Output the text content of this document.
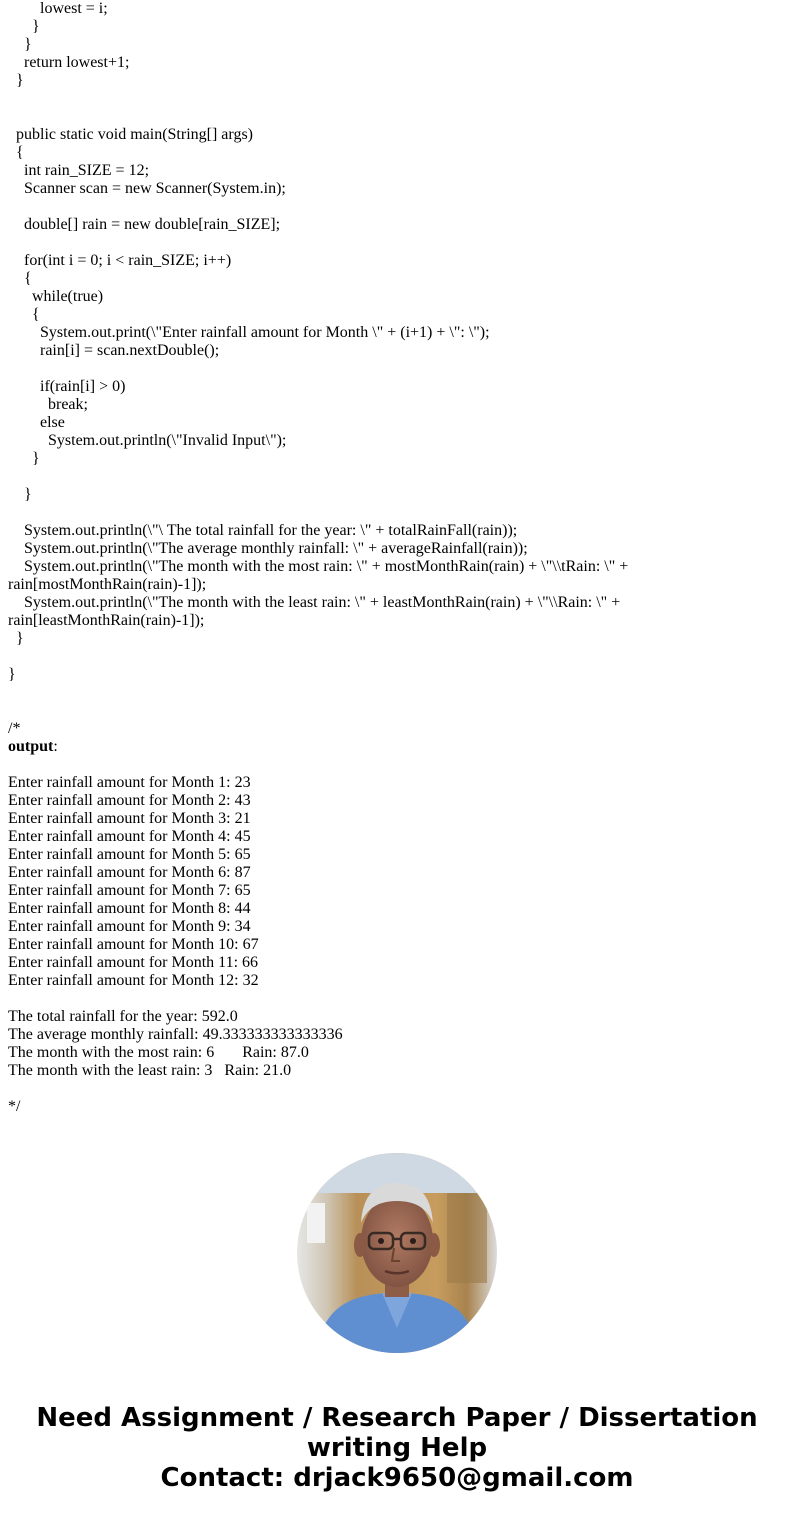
lowest = i;
}
}
return lowest+1;
}
public static void main(String[] args)
{
int rain_SIZE = 12;
Scanner scan = new Scanner(System.in);
double[] rain = new double[rain_SIZE];
for(int i = 0; i < rain_SIZE; i++)
{
while(true)
{
System.out.print(\"Enter rainfall amount for Month \" + (i+1) + \": \");
rain[i] = scan.nextDouble();
if(rain[i] > 0)
break;
else
System.out.println(\"Invalid Input\");
}
}
System.out.println(\"\ The total rainfall for the year: \" + totalRainFall(rain));
System.out.println(\"The average monthly rainfall: \" + averageRainfall(rain));
System.out.println(\"The month with the most rain: \" + mostMonthRain(rain) + \"\\tRain: \" +
rain[mostMonthRain(rain)-1]);
System.out.println(\"The month with the least rain: \" + leastMonthRain(rain) + \"\\Rain: \" +
rain[leastMonthRain(rain)-1]);
}
}
/*
output:
Enter rainfall amount for Month 1: 23
Enter rainfall amount for Month 2: 43
Enter rainfall amount for Month 3: 21
Enter rainfall amount for Month 4: 45
Enter rainfall amount for Month 5: 65
Enter rainfall amount for Month 6: 87
Enter rainfall amount for Month 7: 65
Enter rainfall amount for Month 8: 44
Enter rainfall amount for Month 9: 34
Enter rainfall amount for Month 10: 67
Enter rainfall amount for Month 11: 66
Enter rainfall amount for Month 12: 32
The total rainfall for the year: 592.0
The average monthly rainfall: 49.333333333333336
The month with the most rain: 6       Rain: 87.0
The month with the least rain: 3   Rain: 21.0
*/
Need Assignment / Research Paper / Dissertation
writing Help
Contact: drjack9650@gmail.com
